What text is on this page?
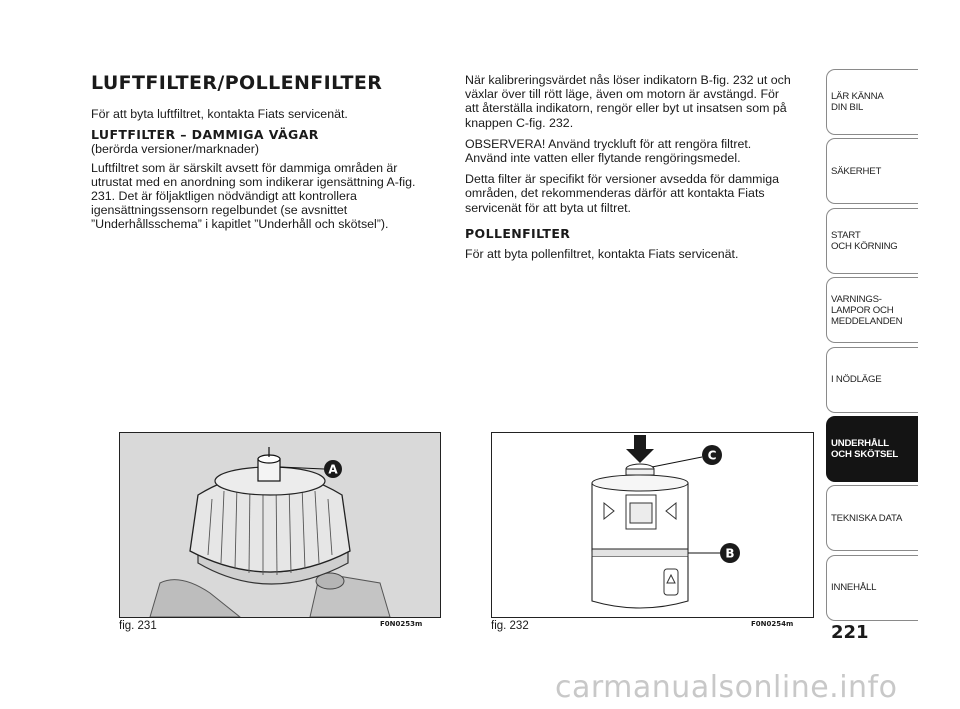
LUFTFILTER/POLLENFILTER

För att byta luftfiltret, kontakta Fiats servicenät.

LUFTFILTER – DAMMIGA VÄGAR

(berörda versioner/marknader)

Luftfiltret som är särskilt avsett för dammiga områden är utrustat med en anordning som indikerar igensättning A-fig. 231. Det är följaktligen nödvändigt att kontrollera igensättningssensorn regelbundet (se avsnittet ”Underhållsschema” i kapitlet ”Underhåll och skötsel”).

När kalibreringsvärdet nås löser indikatorn B-fig. 232 ut och växlar över till rött läge, även om motorn är avstängd. För att återställa indikatorn, rengör eller byt ut insatsen som på knappen C-fig. 232.

OBSERVERA! Använd tryckluft för att rengöra filtret. Använd inte vatten eller flytande rengöringsmedel.

Detta filter är specifikt för versioner avsedda för dammiga områden, det rekommenderas därför att kontakta Fiats servicenät för att byta ut filtret.

POLLENFILTER

För att byta pollenfiltret, kontakta Fiats servicenät.

A
fig. 231	F0N0253m
C
B
fig. 232	F0N0254m
LÄR KÄNNA
DIN BIL
SÄKERHET
START
OCH KÖRNING
VARNINGS-
LAMPOR OCH
MEDDELANDEN
I NÖDLÄGE
UNDERHÅLL
OCH SKÖTSEL
TEKNISKA DATA
INNEHÅLL
221
carmanualsonline.info
